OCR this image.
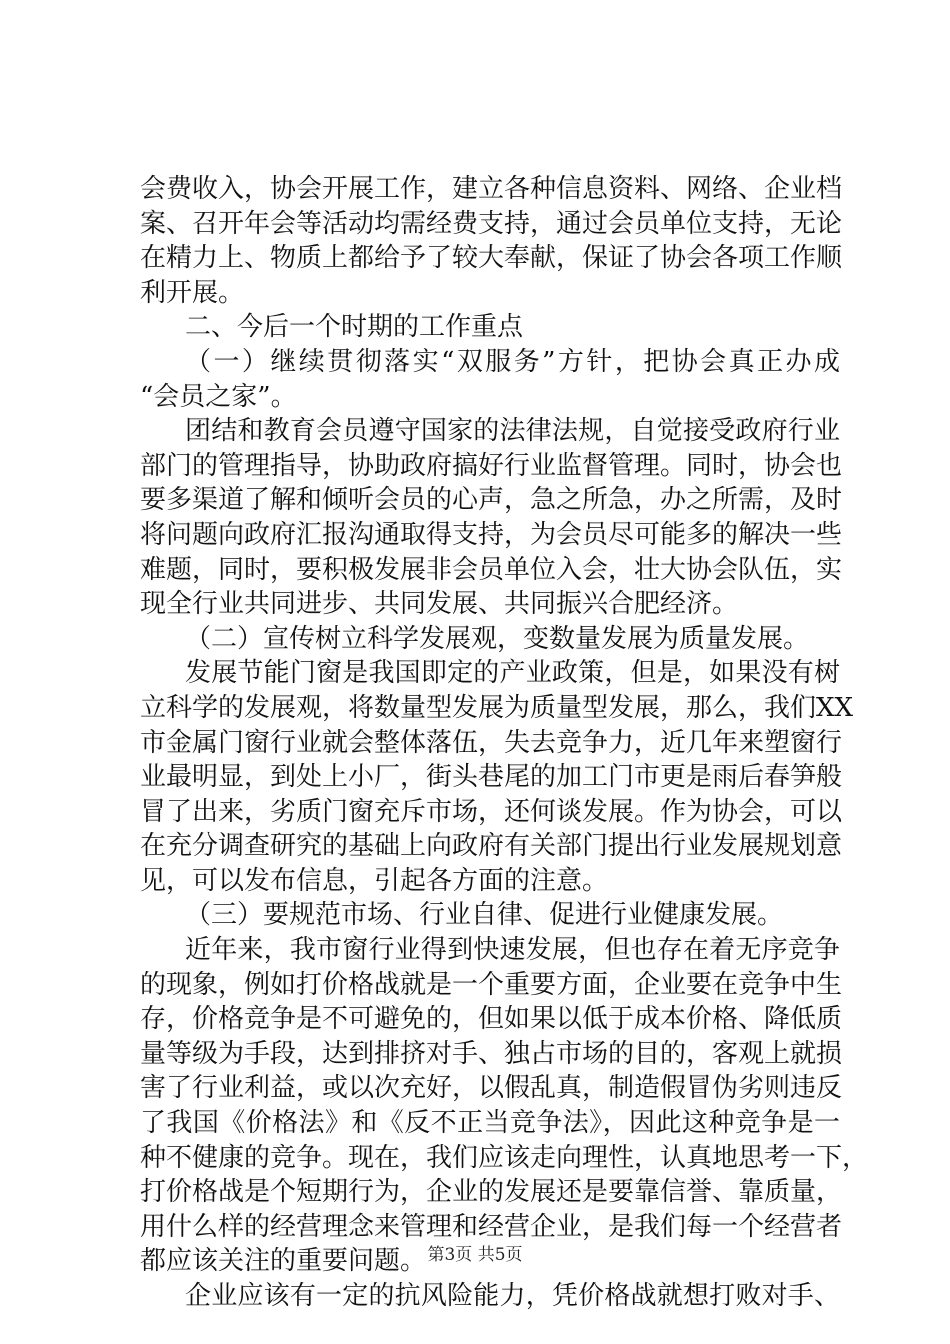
会费收入，协会开展工作，建立各种信息资料、网络、企业档
案、召开年会等活动均需经费支持，通过会员单位支持，无论
在精力上、物质上都给予了较大奉献，保证了协会各项工作顺
利开展。
二、今后一个时期的工作重点
（一）继续贯彻落实“双服务”方针，把协会真正办成
“会员之家”。
团结和教育会员遵守国家的法律法规，自觉接受政府行业
部门的管理指导，协助政府搞好行业监督管理。同时，协会也
要多渠道了解和倾听会员的心声，急之所急，办之所需，及时
将问题向政府汇报沟通取得支持，为会员尽可能多的解决一些
难题，同时，要积极发展非会员单位入会，壮大协会队伍，实
现全行业共同进步、共同发展、共同振兴合肥经济。
（二）宣传树立科学发展观，变数量发展为质量发展。
发展节能门窗是我国即定的产业政策，但是，如果没有树
立科学的发展观，将数量型发展为质量型发展，那么，我们XX
市金属门窗行业就会整体落伍，失去竞争力，近几年来塑窗行
业最明显，到处上小厂，街头巷尾的加工门市更是雨后春笋般
冒了出来，劣质门窗充斥市场，还何谈发展。作为协会，可以
在充分调查研究的基础上向政府有关部门提出行业发展规划意
见，可以发布信息，引起各方面的注意。
（三）要规范市场、行业自律、促进行业健康发展。
近年来，我市窗行业得到快速发展，但也存在着无序竞争
的现象，例如打价格战就是一个重要方面，企业要在竞争中生
存，价格竞争是不可避免的，但如果以低于成本价格、降低质
量等级为手段，达到排挤对手、独占市场的目的，客观上就损
害了行业利益，或以次充好，以假乱真，制造假冒伪劣则违反
了我国《价格法》和《反不正当竞争法》，因此这种竞争是一
种不健康的竞争。现在，我们应该走向理性，认真地思考一下，
打价格战是个短期行为，企业的发展还是要靠信誉、靠质量，
用什么样的经营理念来管理和经营企业，是我们每一个经营者
都应该关注的重要问题。
企业应该有一定的抗风险能力，凭价格战就想打败对手、
第3页 共5页
